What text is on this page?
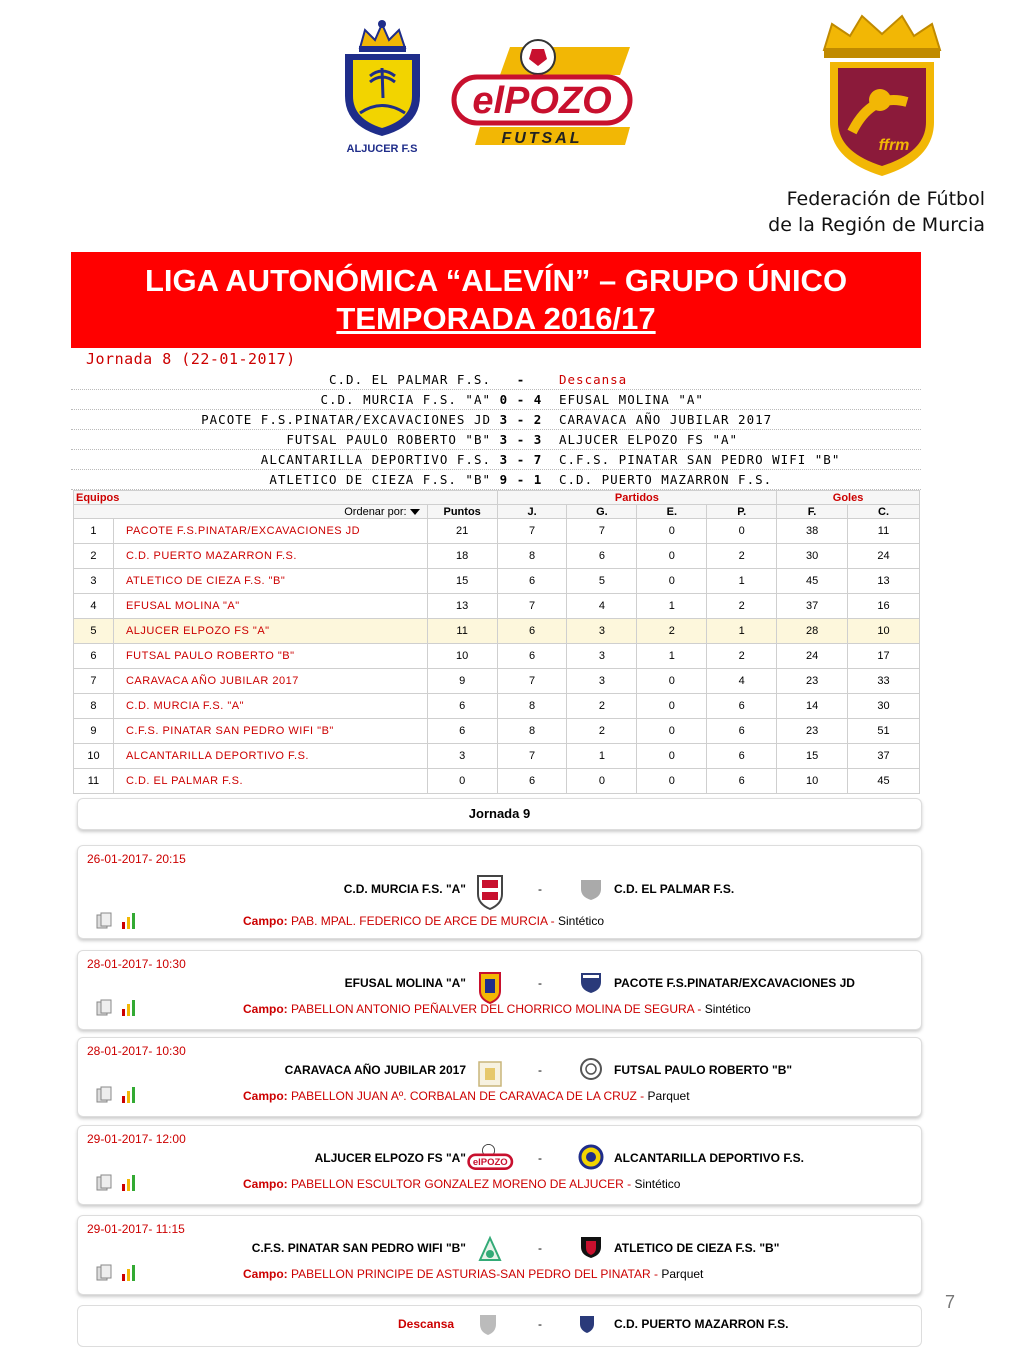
ALJUCER F.S
elPOZO
FUTSAL	ffrm
Federación de Fútbol
de la Región de Murcia
LIGA AUTONÓMICA “ALEVÍN” – GRUPO ÚNICO
TEMPORADA 2016/17
Jornada 8 (22-01-2017)
C.D. EL PALMAR F.S.	-	Descansa
C.D. MURCIA F.S. "A" 0 - 4	EFUSAL MOLINA "A"
PACOTE F.S.PINATAR/EXCAVACIONES JD 3 - 2	CARAVACA AÑO JUBILAR 2017
FUTSAL PAULO ROBERTO "B" 3 - 3	ALJUCER ELPOZO FS "A"
ALCANTARILLA DEPORTIVO F.S. 3 - 7	C.F.S. PINATAR SAN PEDRO WIFI "B"
ATLETICO DE CIEZA F.S. "B" 9 - 1	C.D. PUERTO MAZARRON F.S.
Equipos			Partidos				Goles	
Ordenar por:		Puntos	J.	G.	E.	P.	F.	C.
1	PACOTE F.S.PINATAR/EXCAVACIONES JD	21	7	7	0	0	38	11
2	C.D. PUERTO MAZARRON F.S.	18	8	6	0	2	30	24
3	ATLETICO DE CIEZA F.S. "B"	15	6	5	0	1	45	13
4	EFUSAL MOLINA "A"	13	7	4	1	2	37	16
5	ALJUCER ELPOZO FS "A"	11	6	3	2	1	28	10
6	FUTSAL PAULO ROBERTO "B"	10	6	3	1	2	24	17
7	CARAVACA AÑO JUBILAR 2017	9	7	3	0	4	23	33
8	C.D. MURCIA F.S. "A"	6	8	2	0	6	14	30
9	C.F.S. PINATAR SAN PEDRO WIFI "B"	6	8	2	0	6	23	51
10	ALCANTARILLA DEPORTIVO F.S.	3	7	1	0	6	15	37
11	C.D. EL PALMAR F.S.	0	6	0	0	6	10	45
Jornada 9
26-01-2017- 20:15
C.D. MURCIA F.S. "A"	-	C.D. EL PALMAR F.S.
Campo: PAB. MPAL. FEDERICO DE ARCE DE MURCIA - Sintético
28-01-2017- 10:30
EFUSAL MOLINA "A"	-	PACOTE F.S.PINATAR/EXCAVACIONES JD
Campo: PABELLON ANTONIO PEÑALVER DEL CHORRICO MOLINA DE SEGURA - Sintético
28-01-2017- 10:30
CARAVACA AÑO JUBILAR 2017	-	FUTSAL PAULO ROBERTO "B"
Campo: PABELLON JUAN Aº. CORBALAN DE CARAVACA DE LA CRUZ - Parquet
29-01-2017- 12:00
ALJUCER ELPOZO FS "A" elPOZO	-	ALCANTARILLA DEPORTIVO F.S.
Campo: PABELLON ESCULTOR GONZALEZ MORENO DE ALJUCER - Sintético
29-01-2017- 11:15
C.F.S. PINATAR SAN PEDRO WIFI "B"	-	ATLETICO DE CIEZA F.S. "B"
Campo: PABELLON PRINCIPE DE ASTURIAS-SAN PEDRO DEL PINATAR - Parquet
Descansa	-	C.D. PUERTO MAZARRON F.S.
7
